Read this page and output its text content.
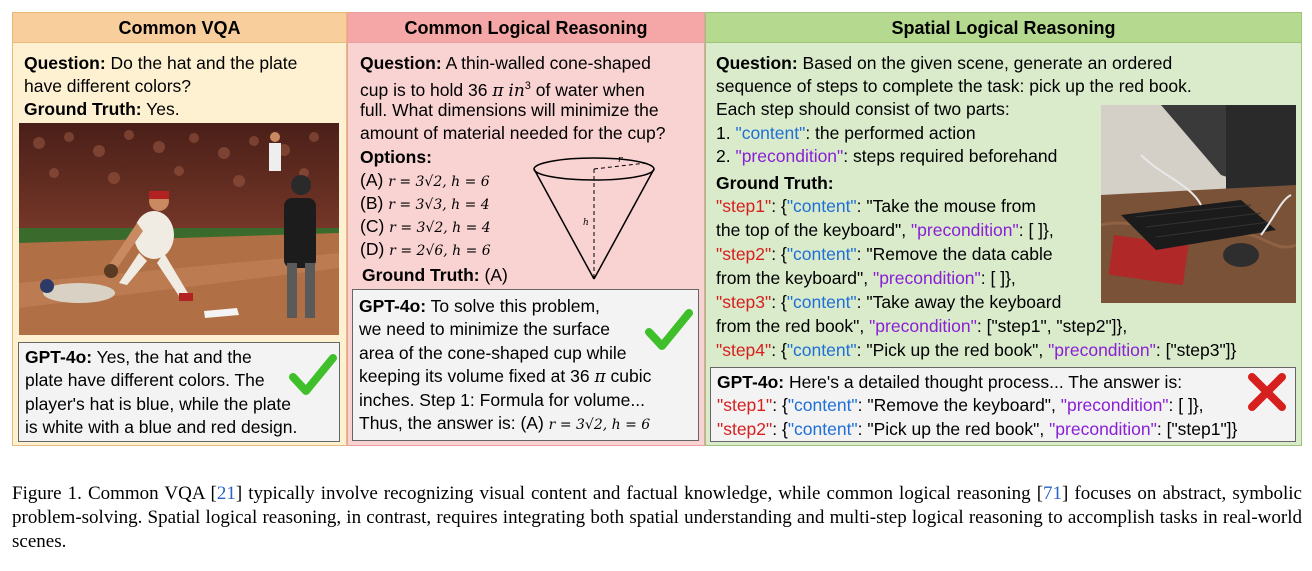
Common VQA
Question: Do the hat and the plate
have different colors?
Ground Truth: Yes.
GPT-4o: Yes, the hat and the
plate have different colors. The
player's hat is blue, while the plate
is white with a blue and red design.
Common Logical Reasoning
Question: A thin-walled cone-shaped
cup is to hold 36 π $in^3$ of water when
full. What dimensions will minimize the
amount of material needed for the cup?
Options:
(A) r = 3√2, h = 6
(B) r = 3√3, h = 4
(C) r = 3√2, h = 4
(D) r = 2√6, h = 6
r
h
Ground Truth: (A)
GPT-4o: To solve this problem,
we need to minimize the surface
area of the cone-shaped cup while
keeping its volume fixed at 36 π cubic
inches. Step 1: Formula for volume...
Thus, the answer is: (A) r = 3√2, h = 6
Spatial Logical Reasoning
Question: Based on the given scene, generate an ordered
sequence of steps to complete the task: pick up the red book.
Each step should consist of two parts:
1. "content": the performed action
2. "precondition": steps required beforehand
Ground Truth:
"step1": {"content": "Take the mouse from
the top of the keyboard", "precondition": [ ]},
"step2": {"content": "Remove the data cable
from the keyboard", "precondition": [ ]},
"step3": {"content": "Take away the keyboard
from the red book", "precondition": ["step1", "step2"]},
"step4": {"content": "Pick up the red book", "precondition": ["step3"]}
GPT-4o: Here's a detailed thought process... The answer is:
"step1": {"content": "Remove the keyboard", "precondition": [ ]},
"step2": {"content": "Pick up the red book", "precondition": ["step1"]}
Figure 1. Common VQA [21] typically involve recognizing visual content and factual knowledge, while common logical reasoning [71] focuses on abstract, symbolic problem-solving. Spatial logical reasoning, in contrast, requires integrating both spatial understanding and multi-step logical reasoning to accomplish tasks in real-world scenes.
